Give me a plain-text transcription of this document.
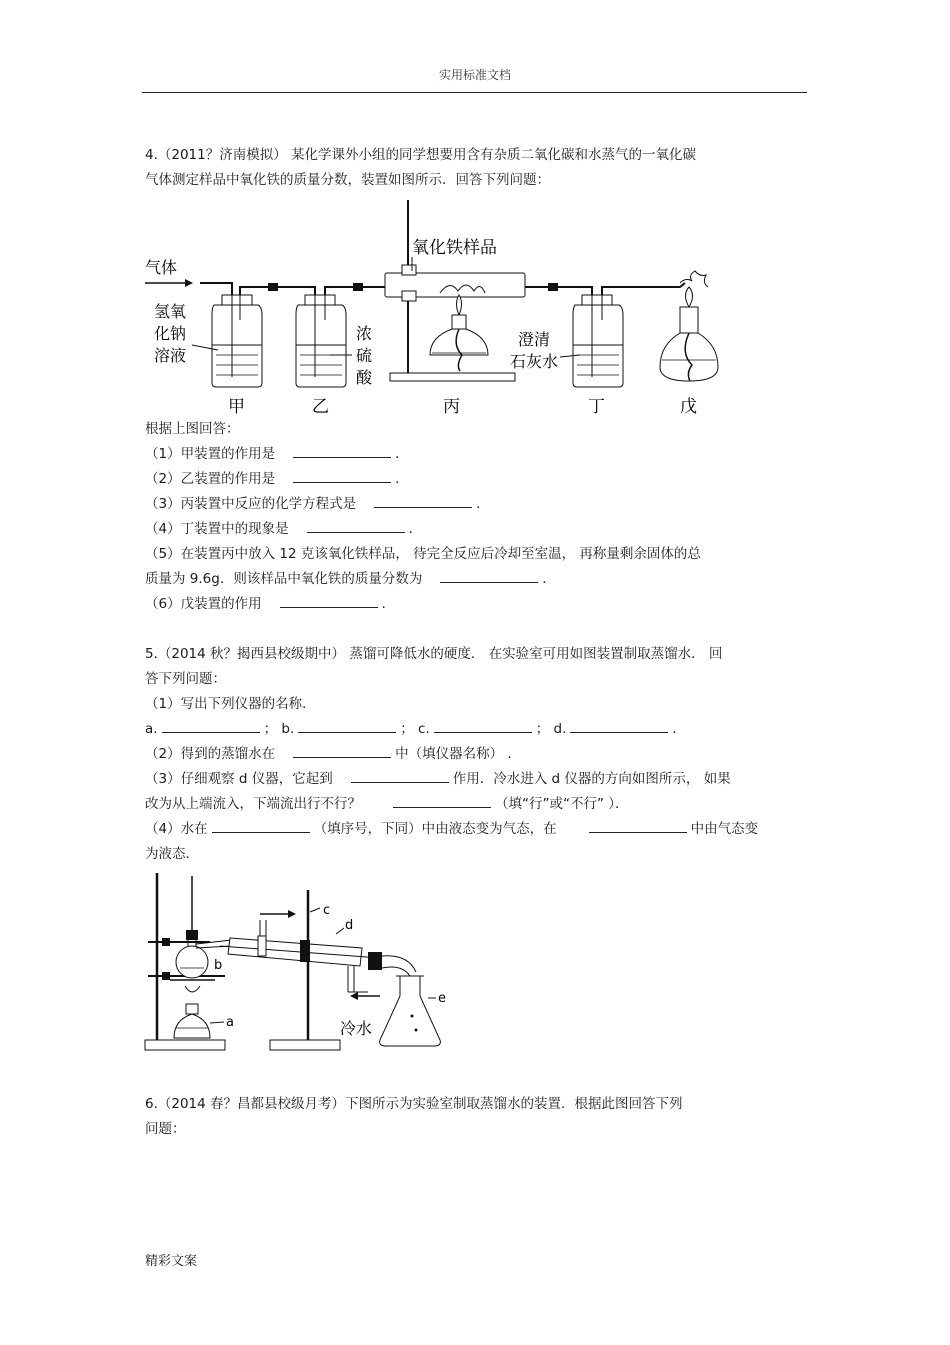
实用标准文档
4.（2011？济南模拟） 某化学课外小组的同学想要用含有杂质二氧化碳和水蒸气的一氧化碳
气体测定样品中氧化铁的质量分数，装置如图所示．回答下列问题：
气体
氢氧
化钠
溶液
浓
硫
酸
氧化铁样品
澄清
石灰水
甲	乙	丙	丁	戊
根据上图回答：
（1）甲装置的作用是	．
（2）乙装置的作用是	．
（3）丙装置中反应的化学方程式是	．
（4）丁装置中的现象是	．
（5）在装置丙中放入 12 克该氧化铁样品， 待完全反应后冷却至室温， 再称量剩余固体的总
质量为 9.6g．则该样品中氧化铁的质量分数为	．
（6）戊装置的作用	．
5.（2014 秋？揭西县校级期中） 蒸馏可降低水的硬度． 在实验室可用如图装置制取蒸馏水． 回
答下列问题：
（1）写出下列仪器的名称．
a.	； b.	； c.	； d.	．
（2）得到的蒸馏水在	中（填仪器名称） ．
（3）仔细观察 d 仪器，它起到	作用．冷水进入 d 仪器的方向如图所示， 如果
改为从上端流入，下端流出行不行？	（填“行”或“不行” ）．
（4）水在	（填序号，下同）中由液态变为气态，在	中由气态变
为液态．
b
a
c
d
冷水
e
6.（2014 春？昌都县校级月考）下图所示为实验室制取蒸馏水的装置．根据此图回答下列
问题：
精彩文案
